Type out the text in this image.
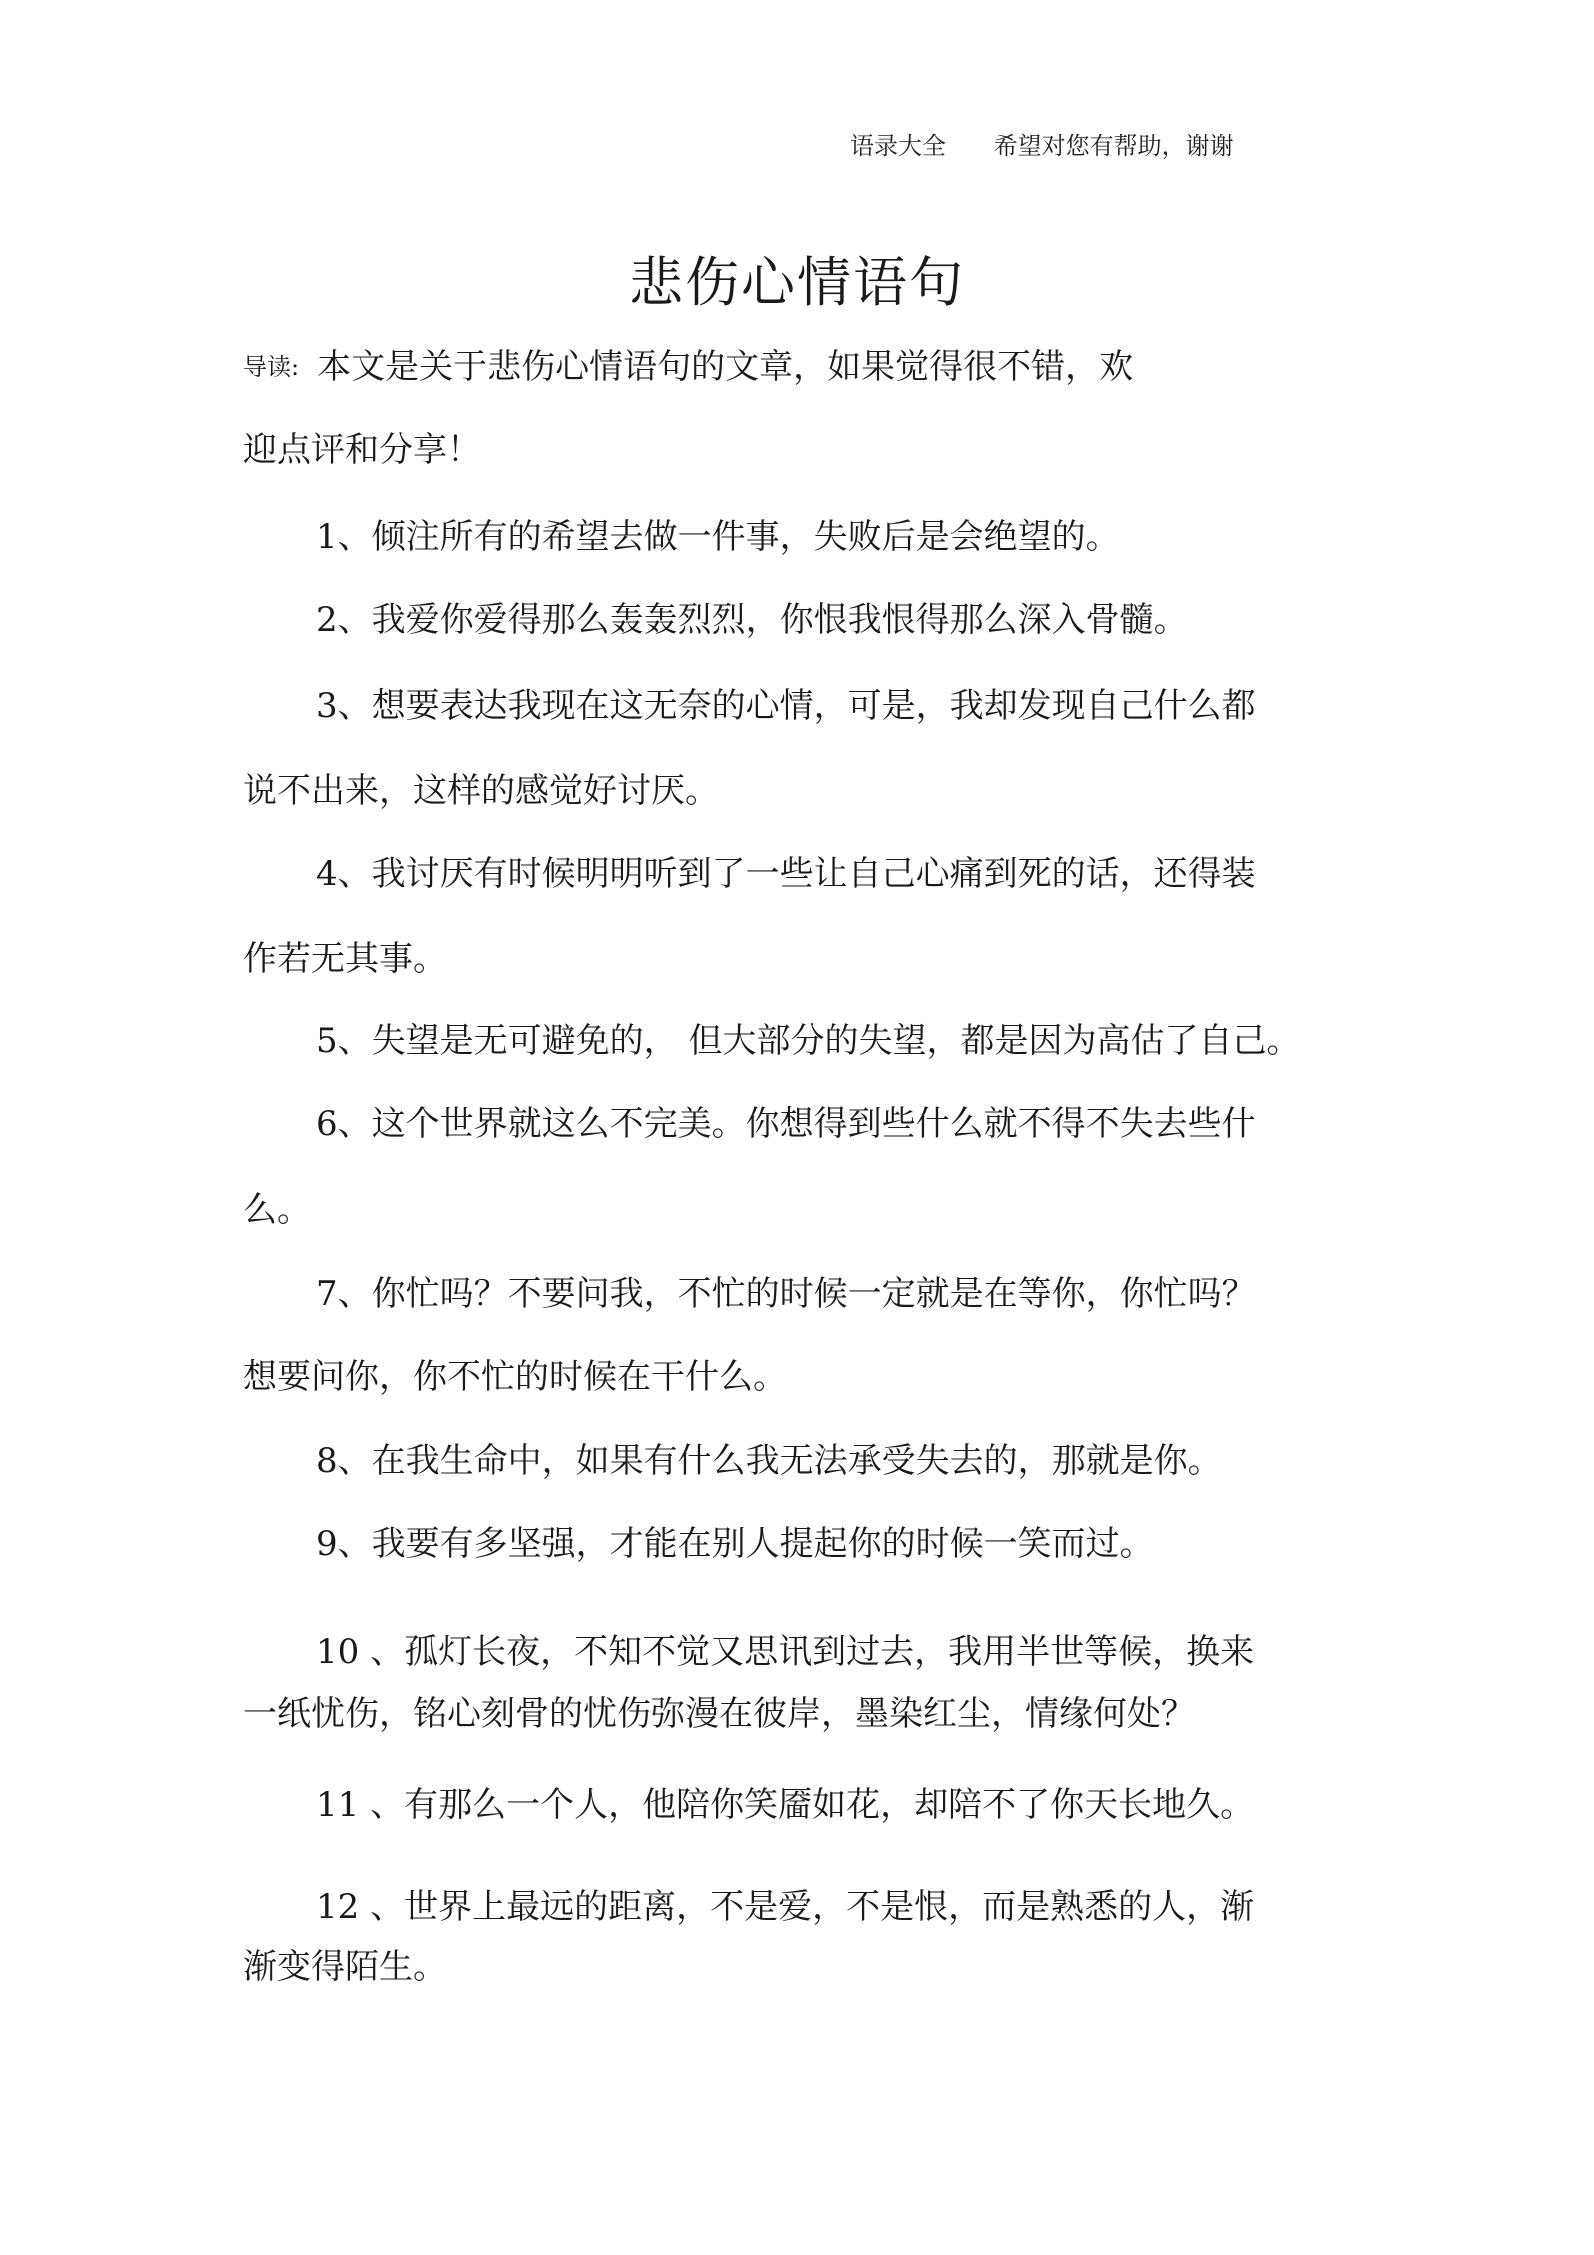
语录大全 希望对您有帮助，谢谢
悲伤心情语句
导读: 本文是关于悲伤心情语句的文章，如果觉得很不错，欢
迎点评和分享！
1、倾注所有的希望去做一件事，失败后是会绝望的。
2、我爱你爱得那么轰轰烈烈，你恨我恨得那么深入骨髓。
3、想要表达我现在这无奈的心情，可是，我却发现自己什么都
说不出来，这样的感觉好讨厌。
4、我讨厌有时候明明听到了一些让自己心痛到死的话，还得装
作若无其事。
5、失望是无可避免的， 但大部分的失望，都是因为高估了自己。
6、这个世界就这么不完美。你想得到些什么就不得不失去些什
么。
7、你忙吗？不要问我，不忙的时候一定就是在等你，你忙吗？
想要问你，你不忙的时候在干什么。
8、在我生命中，如果有什么我无法承受失去的，那就是你。
9、我要有多坚强，才能在别人提起你的时候一笑而过。
10 、孤灯长夜，不知不觉又思讯到过去，我用半世等候，换来
一纸忧伤，铭心刻骨的忧伤弥漫在彼岸，墨染红尘，情缘何处？
11 、有那么一个人，他陪你笑靥如花，却陪不了你天长地久。
12 、世界上最远的距离，不是爱，不是恨，而是熟悉的人，渐
渐变得陌生。
